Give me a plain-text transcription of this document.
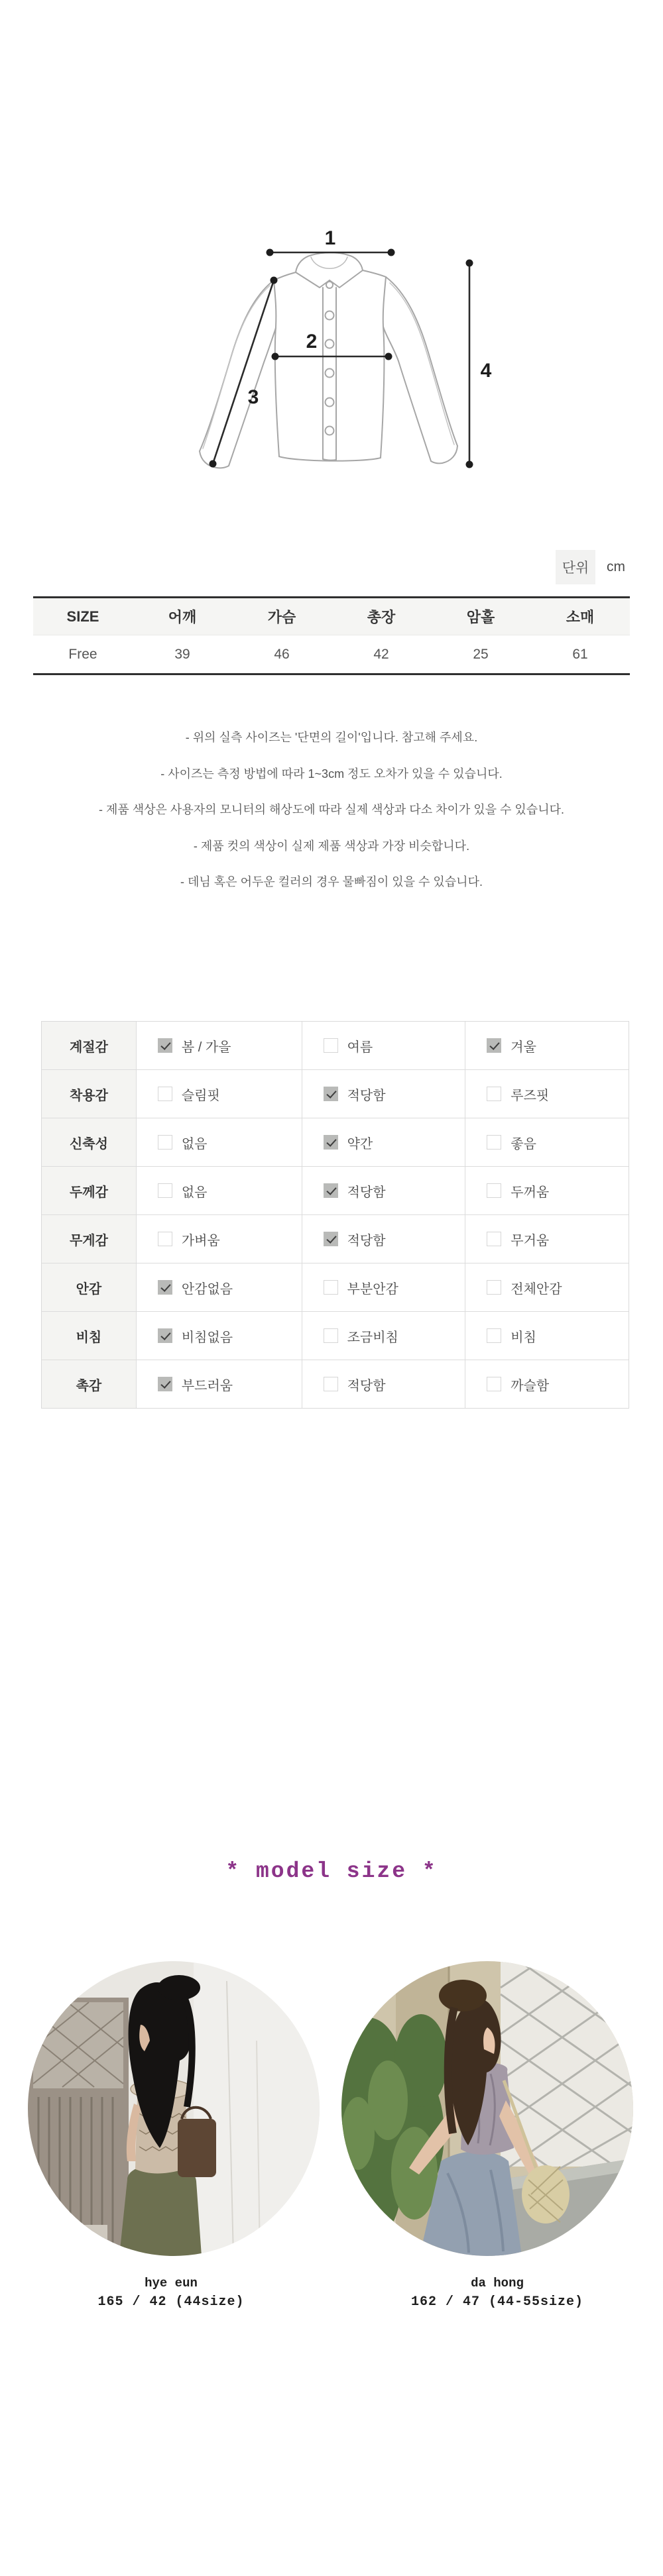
1
2
3
4
단위	cm
SIZE	어깨	가슴	총장	암홀	소매
Free	39	46	42	25	61
- 위의 실측 사이즈는 '단면의 길이'입니다. 참고해 주세요.
- 사이즈는 측정 방법에 따라 1~3cm 정도 오차가 있을 수 있습니다.
- 제품 색상은 사용자의 모니터의 해상도에 따라 실제 색상과 다소 차이가 있을 수 있습니다.
- 제품 컷의 색상이 실제 제품 색상과 가장 비슷합니다.
- 데님 혹은 어두운 컬러의 경우 물빠짐이 있을 수 있습니다.
계절감	봄 / 가을	여름	겨울
착용감	슬림핏	적당함	루즈핏
신축성	없음	약간	좋음
두께감	없음	적당함	두꺼움
무게감	가벼움	적당함	무거움
안감	안감없음	부분안감	전체안감
비침	비침없음	조금비침	비침
촉감	부드러움	적당함	까슬함
* model size *
hye eun
165 / 42 (44size)
da hong
162 / 47 (44-55size)
